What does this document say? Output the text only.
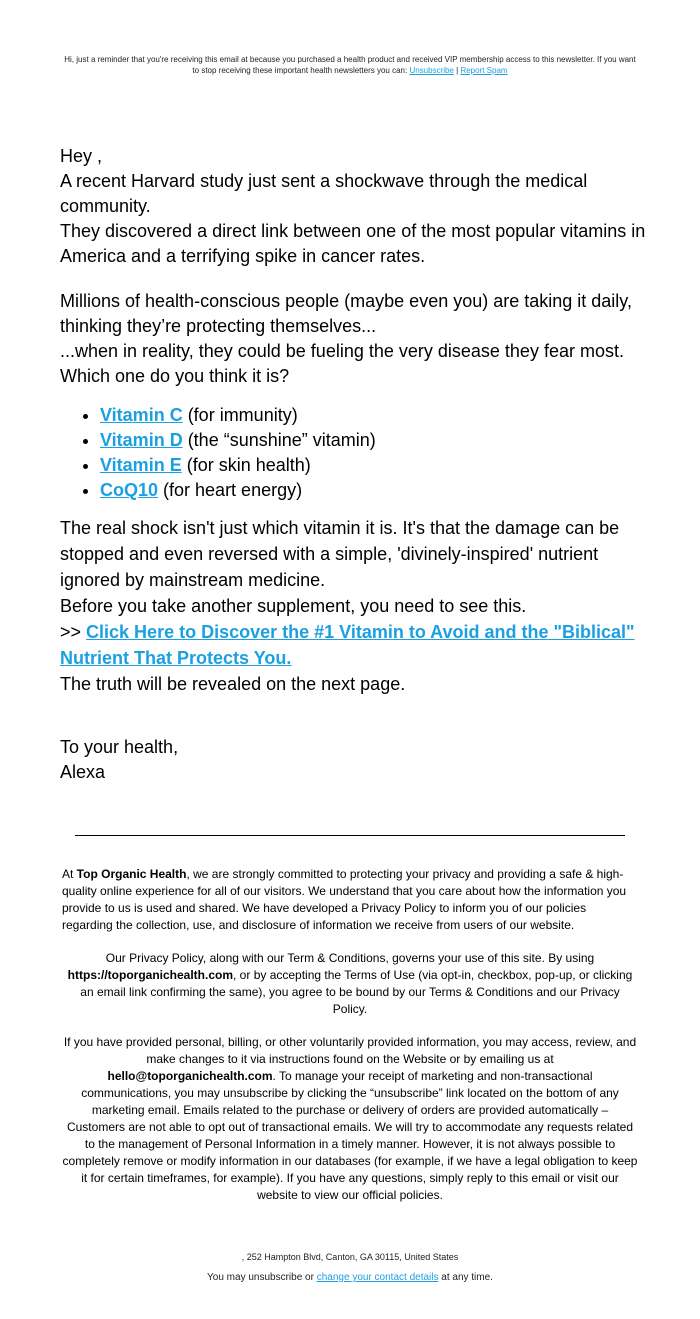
Hi, just a reminder that you're receiving this email at because you purchased a health product and received VIP membership access to this newsletter. If you want to stop receiving these important health newsletters you can: Unsubscribe | Report Spam

Hey ,

A recent Harvard study just sent a shockwave through the medical community.

They discovered a direct link between one of the most popular vitamins in America and a terrifying spike in cancer rates.

Millions of health-conscious people (maybe even you) are taking it daily, thinking they’re protecting themselves...

...when in reality, they could be fueling the very disease they fear most.

Which one do you think it is?

• Vitamin C (for immunity)
• Vitamin D (the “sunshine” vitamin)
• Vitamin E (for skin health)
• CoQ10 (for heart energy)

The real shock isn't just which vitamin it is. It's that the damage can be stopped and even reversed with a simple, 'divinely-inspired' nutrient ignored by mainstream medicine.

Before you take another supplement, you need to see this.

>> Click Here to Discover the #1 Vitamin to Avoid and the "Biblical" Nutrient That Protects You.

The truth will be revealed on the next page.

To your health,

Alexa

At Top Organic Health, we are strongly committed to protecting your privacy and providing a safe & high-quality online experience for all of our visitors. We understand that you care about how the information you provide to us is used and shared. We have developed a Privacy Policy to inform you of our policies regarding the collection, use, and disclosure of information we receive from users of our website.

Our Privacy Policy, along with our Term & Conditions, governs your use of this site. By using https://toporganichealth.com, or by accepting the Terms of Use (via opt-in, checkbox, pop-up, or clicking an email link confirming the same), you agree to be bound by our Terms & Conditions and our Privacy Policy.

If you have provided personal, billing, or other voluntarily provided information, you may access, review, and make changes to it via instructions found on the Website or by emailing us at hello@toporganichealth.com. To manage your receipt of marketing and non-transactional communications, you may unsubscribe by clicking the “unsubscribe” link located on the bottom of any marketing email. Emails related to the purchase or delivery of orders are provided automatically – Customers are not able to opt out of transactional emails. We will try to accommodate any requests related to the management of Personal Information in a timely manner. However, it is not always possible to completely remove or modify information in our databases (for example, if we have a legal obligation to keep it for certain timeframes, for example). If you have any questions, simply reply to this email or visit our website to view our official policies.

, 252 Hampton Blvd, Canton, GA 30115, United States
You may unsubscribe or change your contact details at any time.
